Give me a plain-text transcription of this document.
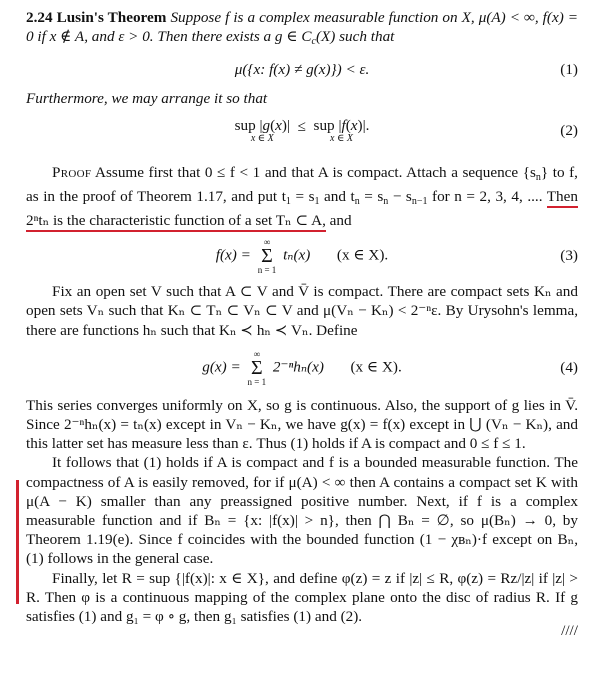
2.24 Lusin's Theorem Suppose f is a complex measurable function on X, μ(A) < ∞, f(x) = 0 if x ∉ A, and ε > 0. Then there exists a g ∈ $C_c(X)$ such that

μ({x: f(x) ≠ g(x)}) < ε.	(1)

Furthermore, we may arrange it so that

sup |g(x)|
x ∈ X
≤ sup |f(x)|.
x ∈ X	(2)

Proof Assume first that 0 ≤ f < 1 and that A is compact. Attach a sequence $\{s_n\}$ to f, as in the proof of Theorem 1.17, and put $t_1 = s_1$ and $t_n = s_n - s_{n-1}$ for n = 2, 3, 4, .... Then 2ⁿtₙ is the characteristic function of a set Tₙ ⊂ A, and

f(x) =
∞
Σ
n = 1
tₙ(x) (x ∈ X).	(3)

Fix an open set V such that A ⊂ V and V̄ is compact. There are compact sets Kₙ and open sets Vₙ such that Kₙ ⊂ Tₙ ⊂ Vₙ ⊂ V and μ(Vₙ − Kₙ) < 2⁻ⁿε. By Urysohn's lemma, there are functions hₙ such that Kₙ ≺ hₙ ≺ Vₙ. Define

g(x) =
∞
Σ
n = 1
2⁻ⁿhₙ(x) (x ∈ X).	(4)

This series converges uniformly on X, so g is continuous. Also, the support of g lies in V̄. Since 2⁻ⁿhₙ(x) = tₙ(x) except in Vₙ − Kₙ, we have g(x) = f(x) except in ⋃ (Vₙ − Kₙ), and this latter set has measure less than ε. Thus (1) holds if A is compact and 0 ≤ f ≤ 1.

It follows that (1) holds if A is compact and f is a bounded measurable function. The compactness of A is easily removed, for if μ(A) < ∞ then A contains a compact set K with μ(A − K) smaller than any preassigned positive number. Next, if f is a complex measurable function and if Bₙ = {x: |f(x)| > n}, then ⋂ Bₙ = ∅, so μ(Bₙ) → 0, by Theorem 1.19(e). Since f coincides with the bounded function (1 − χʙₙ)·f except on Bₙ, (1) follows in the general case.

Finally, let R = sup {|f(x)|: x ∈ X}, and define φ(z) = z if |z| ≤ R, φ(z) = Rz/|z| if |z| > R. Then φ is a continuous mapping of the complex plane onto the disc of radius R. If g satisfies (1) and g₁ = φ ∘ g, then g₁ satisfies (1) and (2).

////
